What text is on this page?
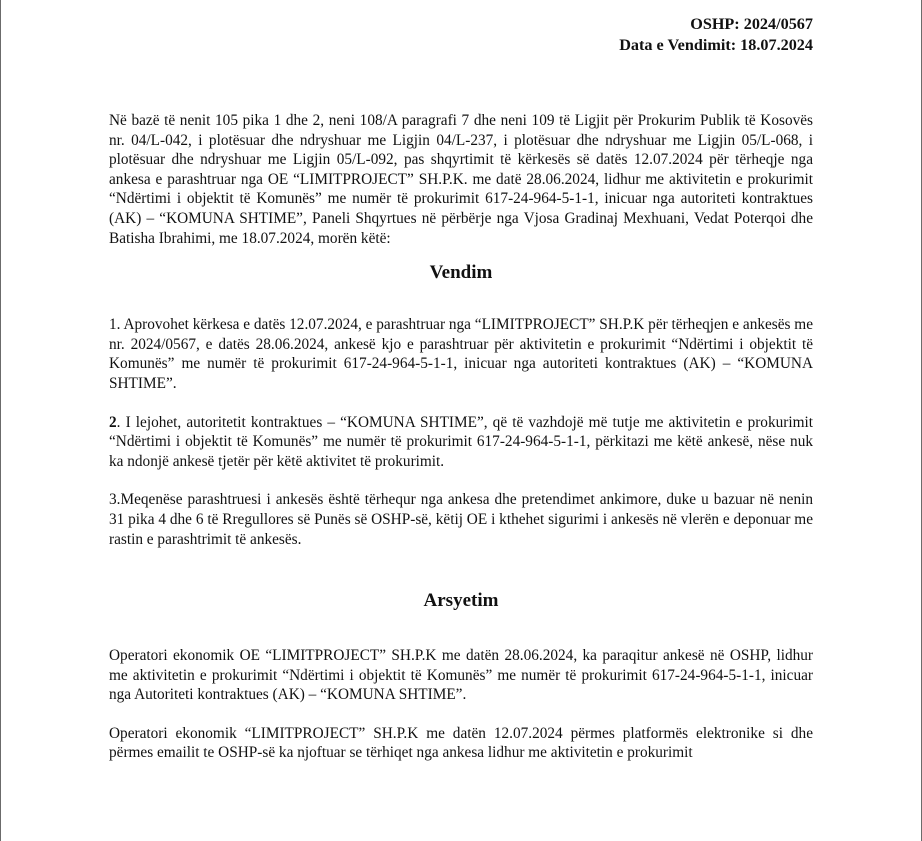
OSHP: 2024/0567
Data e Vendimit: 18.07.2024

Në bazë të nenit 105 pika 1 dhe 2, neni 108/A paragrafi 7 dhe neni 109 të Ligjit për Prokurim Publik të Kosovës nr. 04/L-042, i plotësuar dhe ndryshuar me Ligjin 04/L-237, i plotësuar dhe ndryshuar me Ligjin 05/L-068, i plotësuar dhe ndryshuar me Ligjin 05/L-092, pas shqyrtimit të kërkesës së datës 12.07.2024 për tërheqje nga ankesa e parashtruar nga OE “LIMITPROJECT” SH.P.K. me datë 28.06.2024, lidhur me aktivitetin e prokurimit “Ndërtimi i objektit të Komunës” me numër të prokurimit 617-24-964-5-1-1, inicuar nga autoriteti kontraktues (AK) – “KOMUNA SHTIME”, Paneli Shqyrtues në përbërje nga Vjosa Gradinaj Mexhuani, Vedat Poterqoi dhe Batisha Ibrahimi, me 18.07.2024, morën këtë:

Vendim

1. Aprovohet kërkesa e datës 12.07.2024, e parashtruar nga “LIMITPROJECT” SH.P.K për tërheqjen e ankesës me nr. 2024/0567, e datës 28.06.2024, ankesë kjo e parashtruar për aktivitetin e prokurimit “Ndërtimi i objektit të Komunës” me numër të prokurimit 617-24-964-5-1-1, inicuar nga autoriteti kontraktues (AK) – “KOMUNA SHTIME”.

2. I lejohet, autoritetit kontraktues – “KOMUNA SHTIME”, që të vazhdojë më tutje me aktivitetin e prokurimit “Ndërtimi i objektit të Komunës” me numër të prokurimit 617-24-964-5-1-1, përkitazi me këtë ankesë, nëse nuk ka ndonjë ankesë tjetër për këtë aktivitet të prokurimit.

3.Meqenëse parashtruesi i ankesës është tërhequr nga ankesa dhe pretendimet ankimore, duke u bazuar në nenin 31 pika 4 dhe 6 të Rregullores së Punës së OSHP-së, këtij OE i kthehet sigurimi i ankesës në vlerën e deponuar me rastin e parashtrimit të ankesës.

Arsyetim

Operatori ekonomik OE “LIMITPROJECT” SH.P.K me datën 28.06.2024, ka paraqitur ankesë në OSHP, lidhur me aktivitetin e prokurimit “Ndërtimi i objektit të Komunës” me numër të prokurimit 617-24-964-5-1-1, inicuar nga Autoriteti kontraktues (AK) – “KOMUNA SHTIME”.

Operatori ekonomik “LIMITPROJECT” SH.P.K me datën 12.07.2024 përmes platformës elektronike si dhe përmes emailit te OSHP-së ka njoftuar se tërhiqet nga ankesa lidhur me aktivitetin e prokurimit
